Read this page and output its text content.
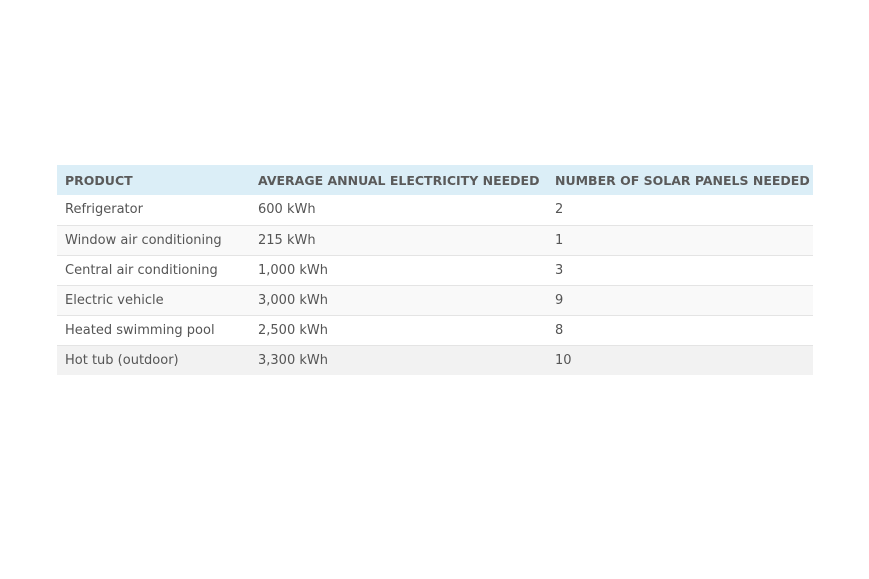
PRODUCT	AVERAGE ANNUAL ELECTRICITY NEEDED	NUMBER OF SOLAR PANELS NEEDED
Refrigerator	600 kWh	2
Window air conditioning	215 kWh	1
Central air conditioning	1,000 kWh	3
Electric vehicle	3,000 kWh	9
Heated swimming pool	2,500 kWh	8
Hot tub (outdoor)	3,300 kWh	10
